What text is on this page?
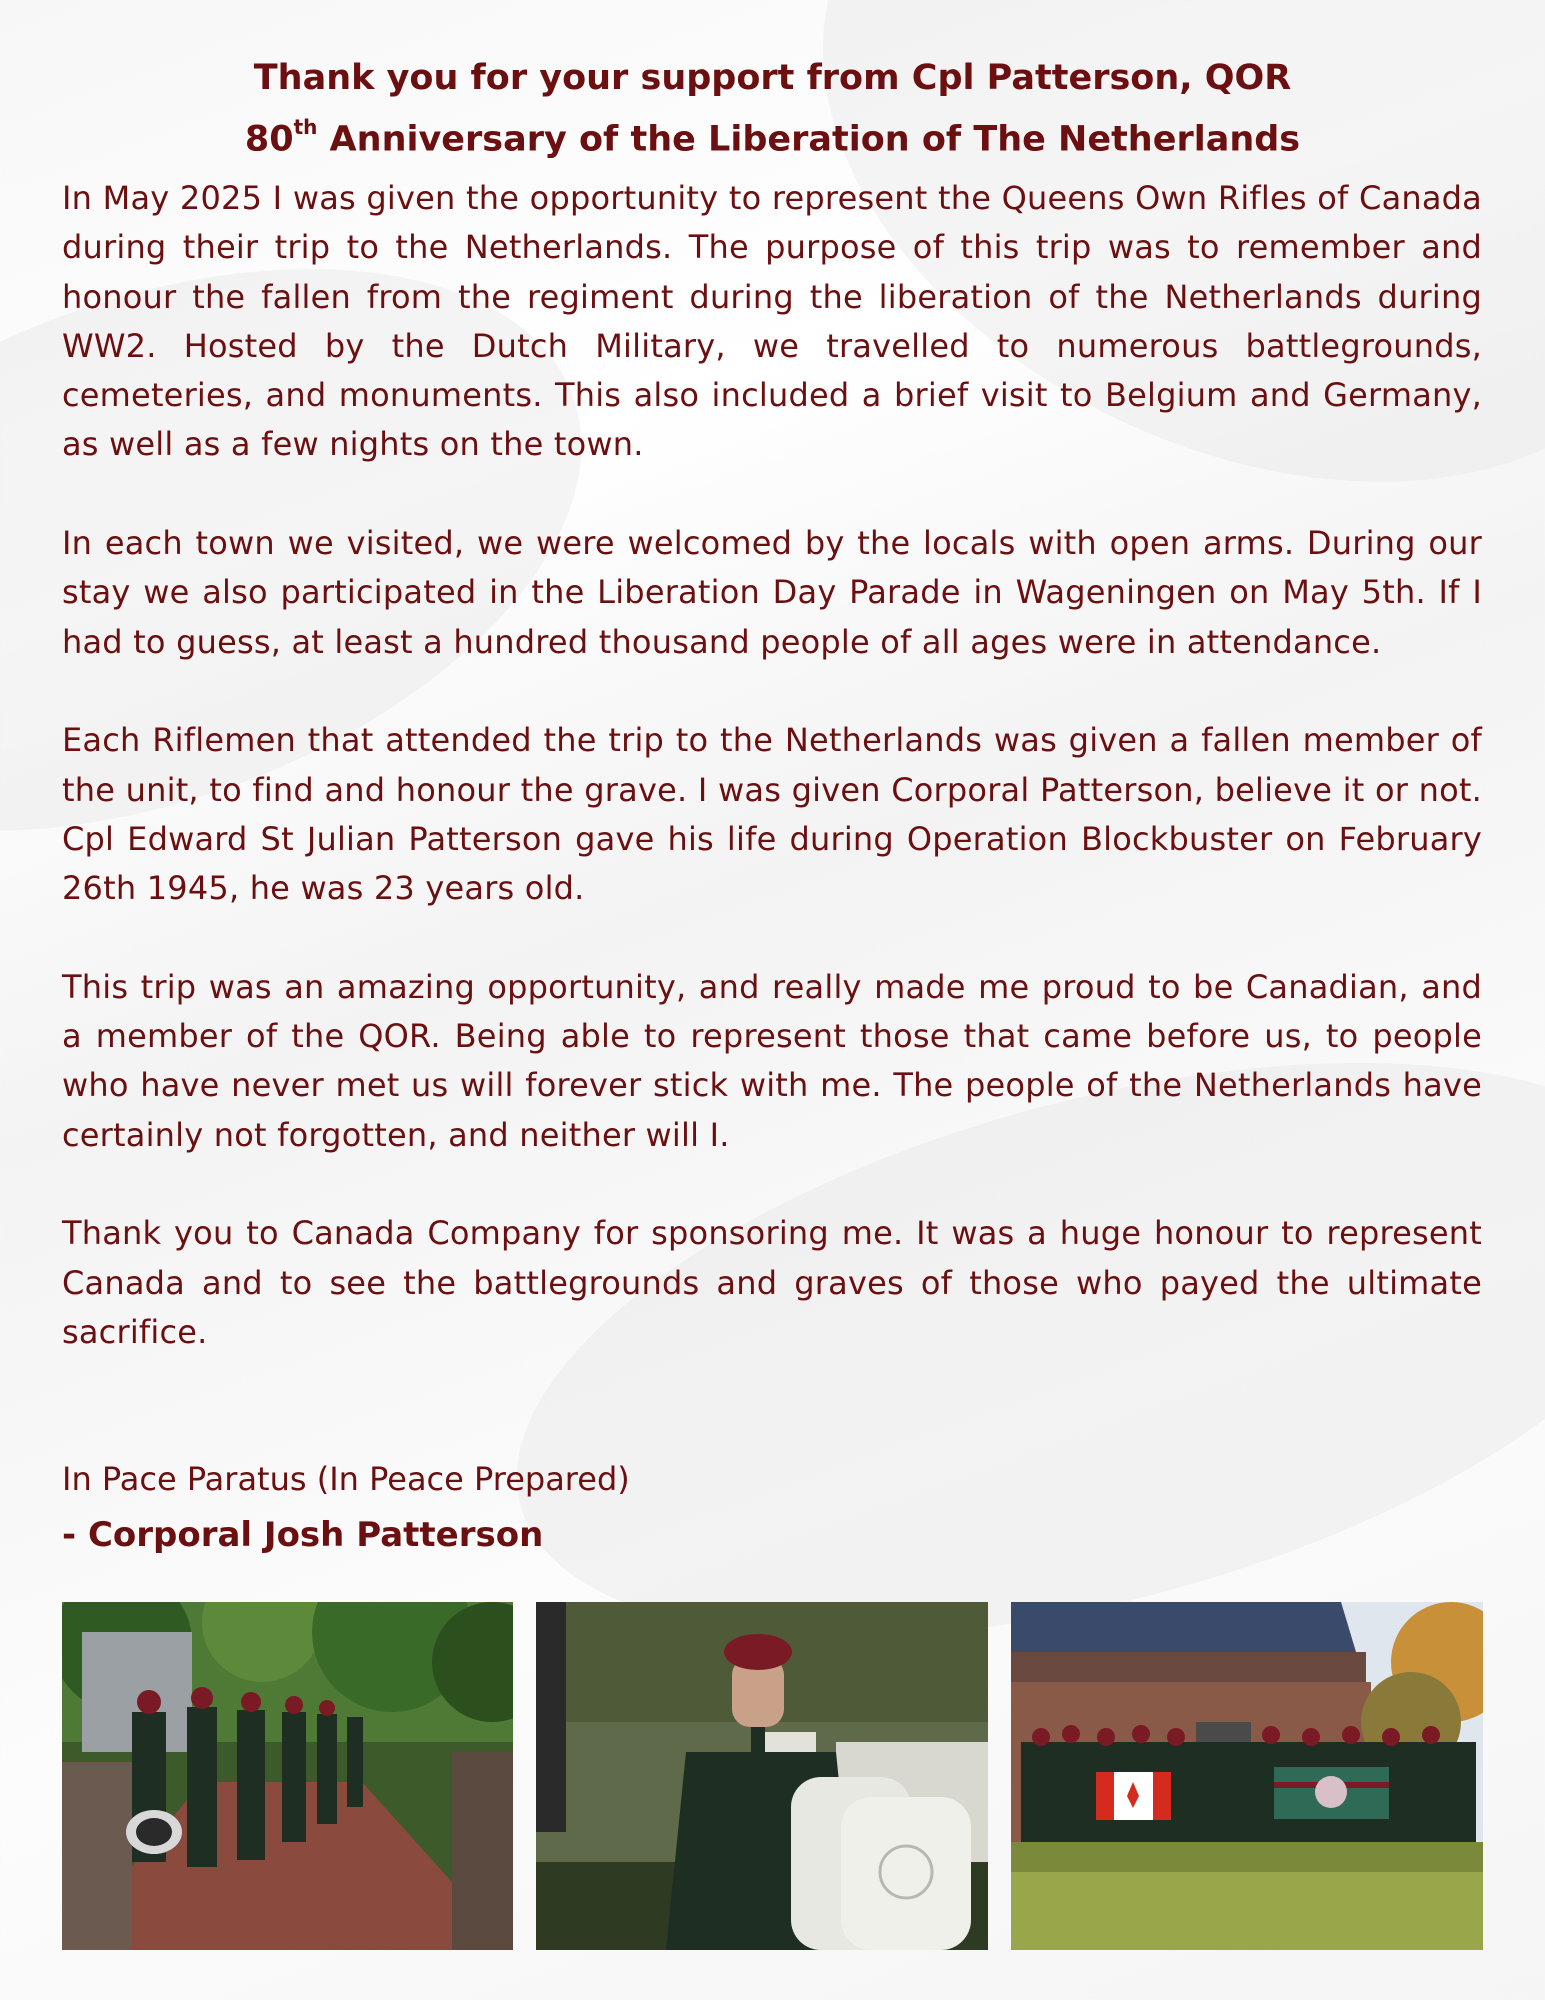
Thank you for your support from Cpl Patterson, QOR
80th Anniversary of the Liberation of The Netherlands

In May 2025 I was given the opportunity to represent the Queens Own Rifles of Canada during their trip to the Netherlands. The purpose of this trip was to remember and honour the fallen from the regiment during the liberation of the Netherlands during WW2. Hosted by the Dutch Military, we travelled to numerous battlegrounds, cemeteries, and monuments. This also included a brief visit to Belgium and Germany, as well as a few nights on the town.

In each town we visited, we were welcomed by the locals with open arms. During our stay we also participated in the Liberation Day Parade in Wageningen on May 5th. If I had to guess, at least a hundred thousand people of all ages were in attendance.

Each Riflemen that attended the trip to the Netherlands was given a fallen member of the unit, to find and honour the grave. I was given Corporal Patterson, believe it or not. Cpl Edward St Julian Patterson gave his life during Operation Blockbuster on February 26th 1945, he was 23 years old.

This trip was an amazing opportunity, and really made me proud to be Canadian, and a member of the QOR. Being able to represent those that came before us, to people who have never met us will forever stick with me. The people of the Netherlands have certainly not forgotten, and neither will I.

Thank you to Canada Company for sponsoring me. It was a huge honour to represent Canada and to see the battlegrounds and graves of those who payed the ultimate sacrifice.

In Pace Paratus (In Peace Prepared)
- Corporal Josh Patterson
